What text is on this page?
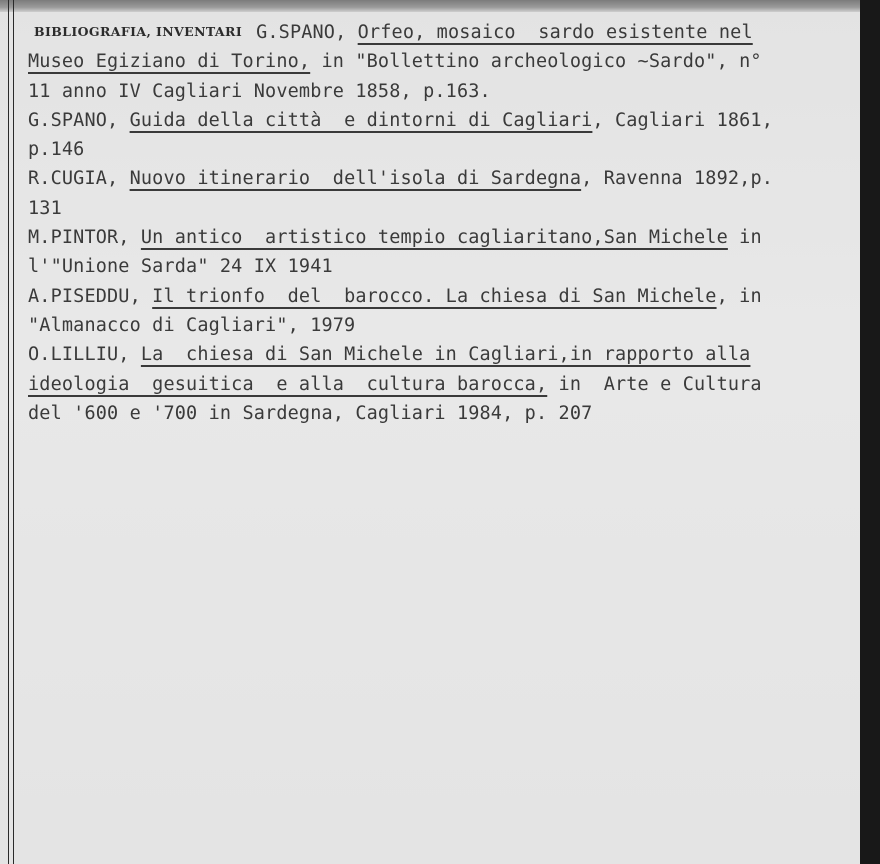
BIBLIOGRAFIA, INVENTARI G.SPANO, Orfeo, mosaico  sardo esistente nel
Museo Egiziano di Torino, in "Bollettino archeologico ~Sardo", n°
11 anno IV Cagliari Novembre 1858, p.163.
G.SPANO, Guida della città  e dintorni di Cagliari, Cagliari 1861,
p.146
R.CUGIA, Nuovo itinerario  dell'isola di Sardegna, Ravenna 1892,p.
131
M.PINTOR, Un antico  artistico tempio cagliaritano,San Michele in
l'"Unione Sarda" 24 IX 1941
A.PISEDDU, Il trionfo  del  barocco. La chiesa di San Michele, in
"Almanacco di Cagliari", 1979
O.LILLIU, La  chiesa di San Michele in Cagliari,in rapporto alla
ideologia  gesuitica  e alla  cultura barocca, in  Arte e Cultura
del '600 e '700 in Sardegna, Cagliari 1984, p. 207
